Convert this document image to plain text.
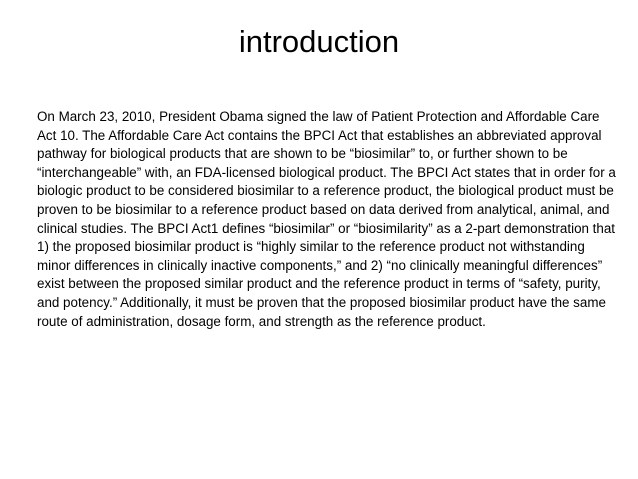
introduction

On March 23, 2010, President Obama signed the law of Patient Protection and Affordable Care Act 10. The Affordable Care Act contains the BPCI Act that establishes an abbreviated approval pathway for biological products that are shown to be “biosimilar” to, or further shown to be “interchangeable” with, an FDA-licensed biological product. The BPCI Act states that in order for a biologic product to be considered biosimilar to a reference product, the biological product must be proven to be biosimilar to a reference product based on data derived from analytical, animal, and clinical studies. The BPCI Act1 defines “biosimilar” or “biosimilarity” as a 2-part demonstration that 1) the proposed biosimilar product is “highly similar to the reference product not withstanding minor differences in clinically inactive components,” and 2) “no clinically meaningful differences” exist between the proposed similar product and the reference product in terms of “safety, purity, and potency.” Additionally, it must be proven that the proposed biosimilar product have the same route of administration, dosage form, and strength as the reference product.
